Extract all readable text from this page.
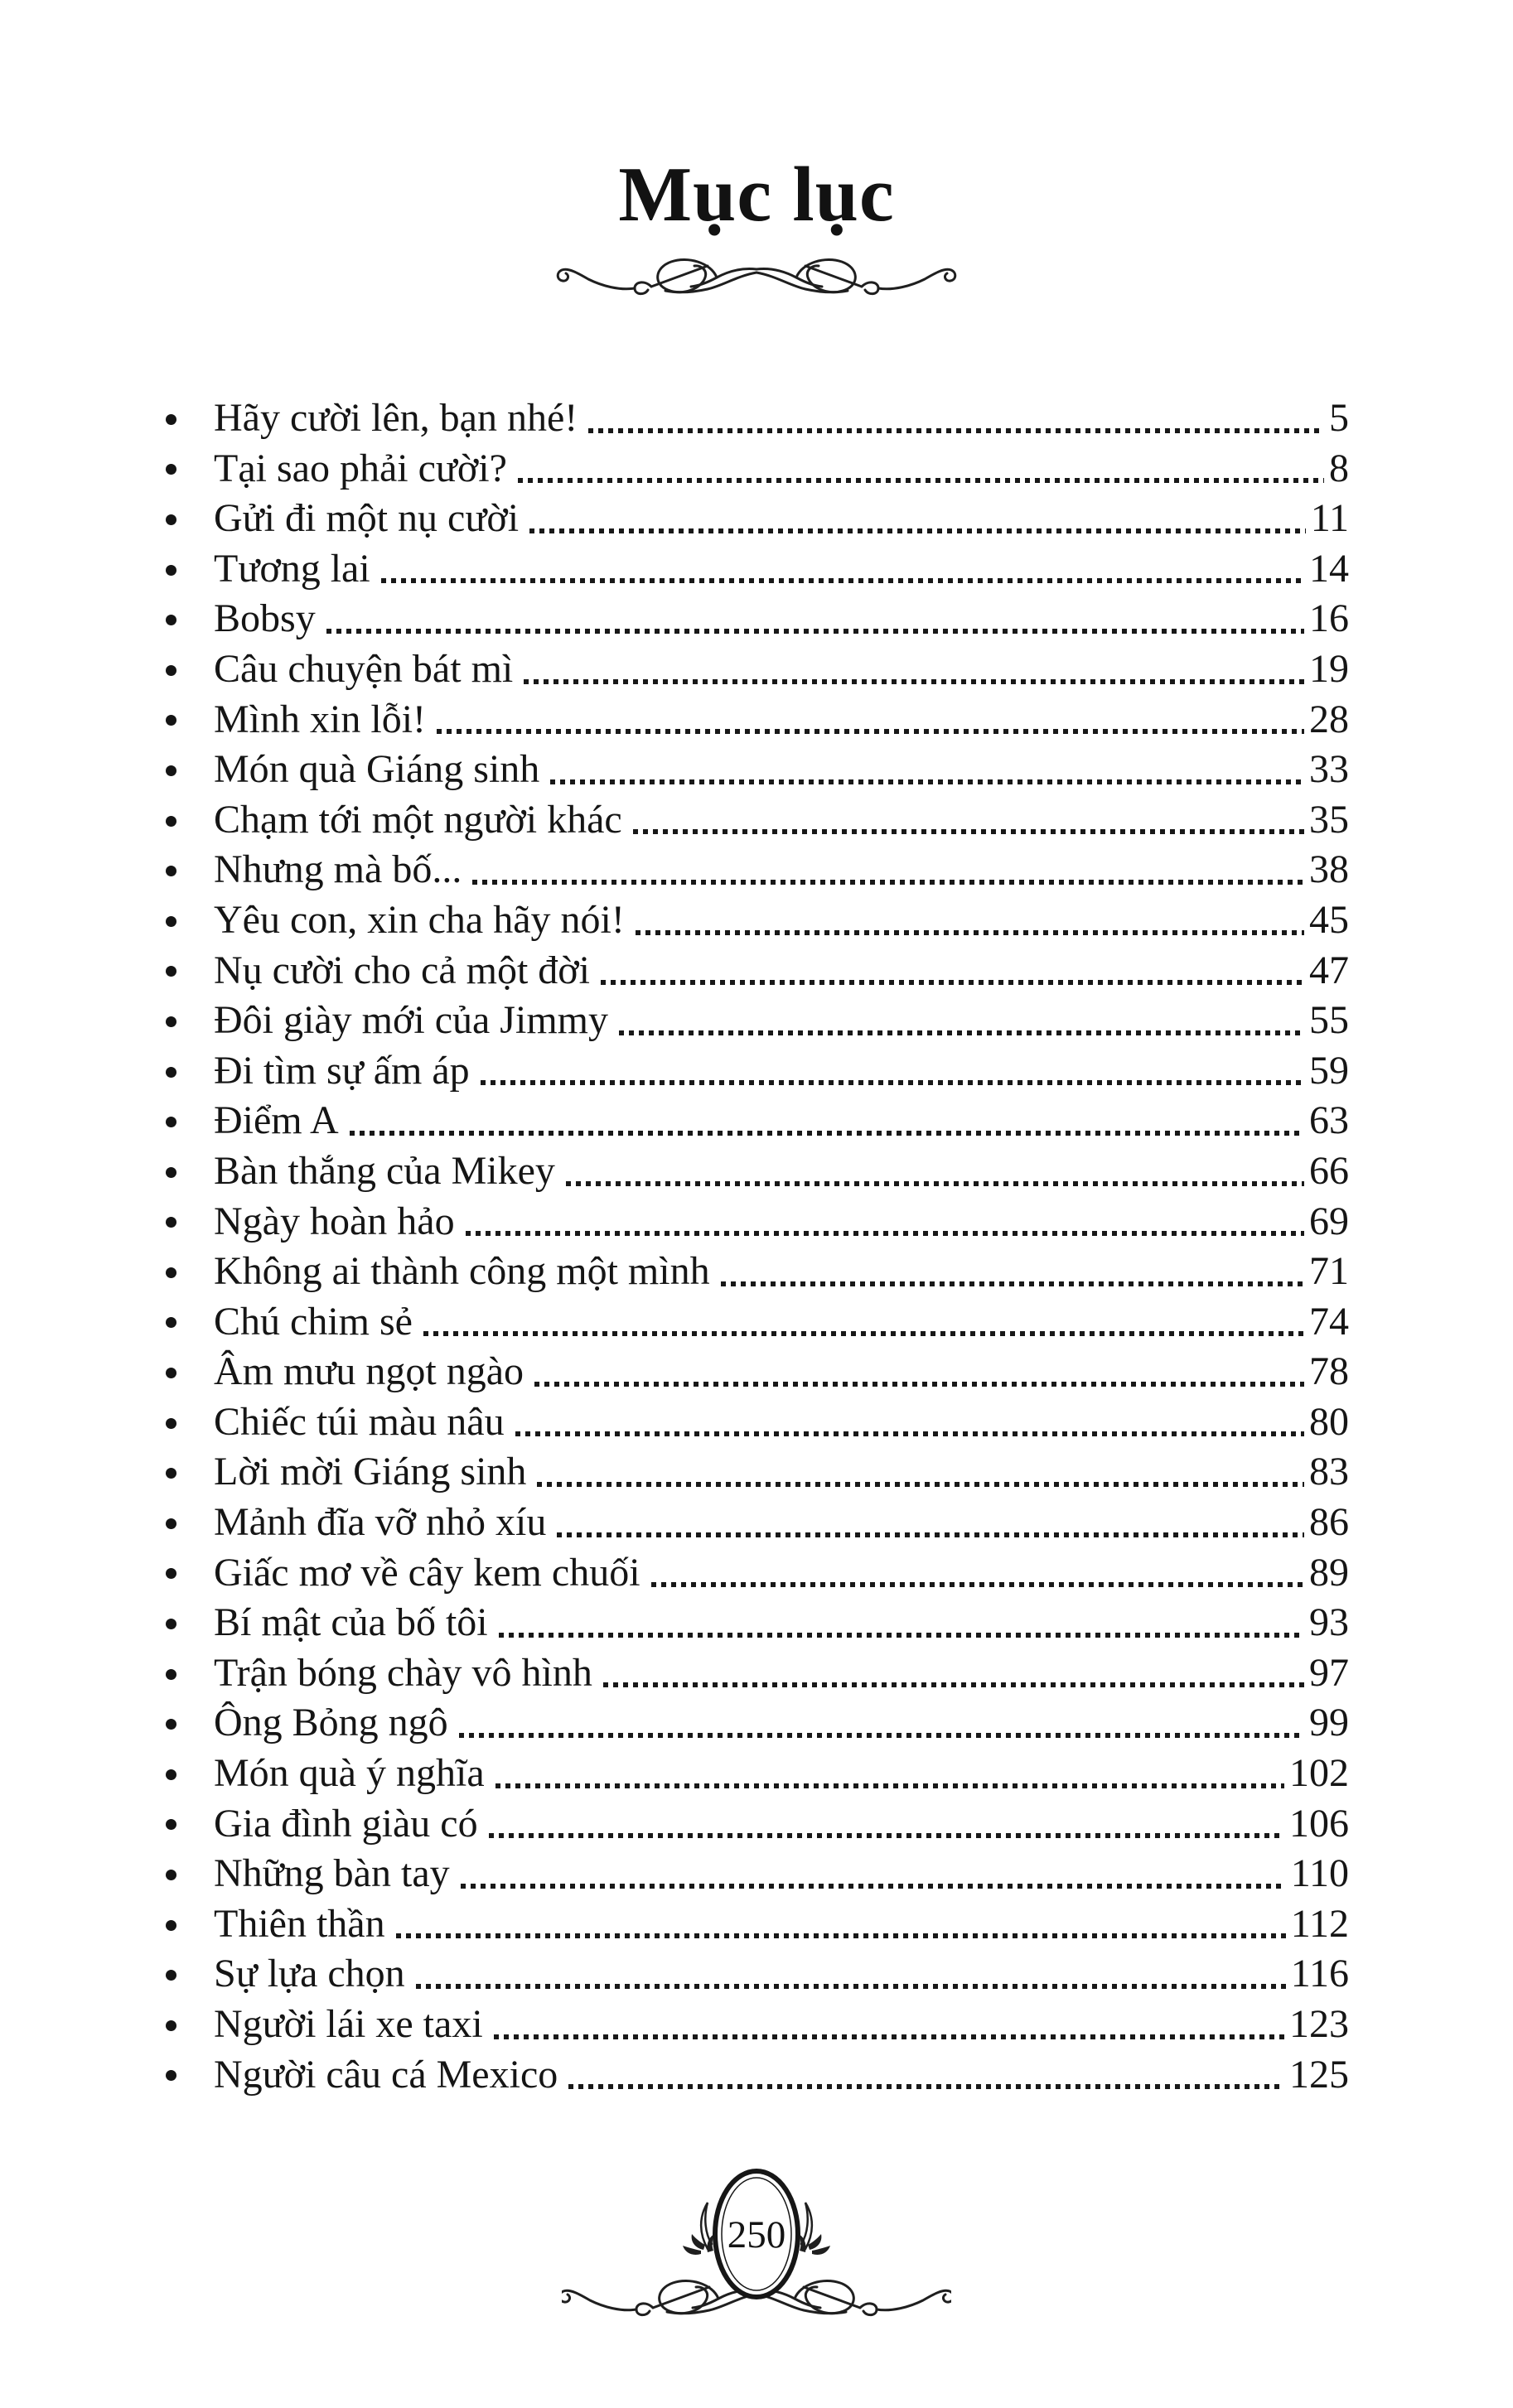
Mục lục
Hãy cười lên, bạn nhé!	5
Tại sao phải cười?	8
Gửi đi một nụ cười	11
Tương lai	14
Bobsy	16
Câu chuyện bát mì	19
Mình xin lỗi!	28
Món quà Giáng sinh	33
Chạm tới một người khác	35
Nhưng mà bố...	38
Yêu con, xin cha hãy nói!	45
Nụ cười cho cả một đời	47
Đôi giày mới của Jimmy	55
Đi tìm sự ấm áp	59
Điểm A	63
Bàn thắng của Mikey	66
Ngày hoàn hảo	69
Không ai thành công một mình	71
Chú chim sẻ	74
Âm mưu ngọt ngào	78
Chiếc túi màu nâu	80
Lời mời Giáng sinh	83
Mảnh đĩa vỡ nhỏ xíu	86
Giấc mơ về cây kem chuối	89
Bí mật của bố tôi	93
Trận bóng chày vô hình	97
Ông Bỏng ngô	99
Món quà ý nghĩa	102
Gia đình giàu có	106
Những bàn tay	110
Thiên thần	112
Sự lựa chọn	116
Người lái xe taxi	123
Người câu cá Mexico	125
250
